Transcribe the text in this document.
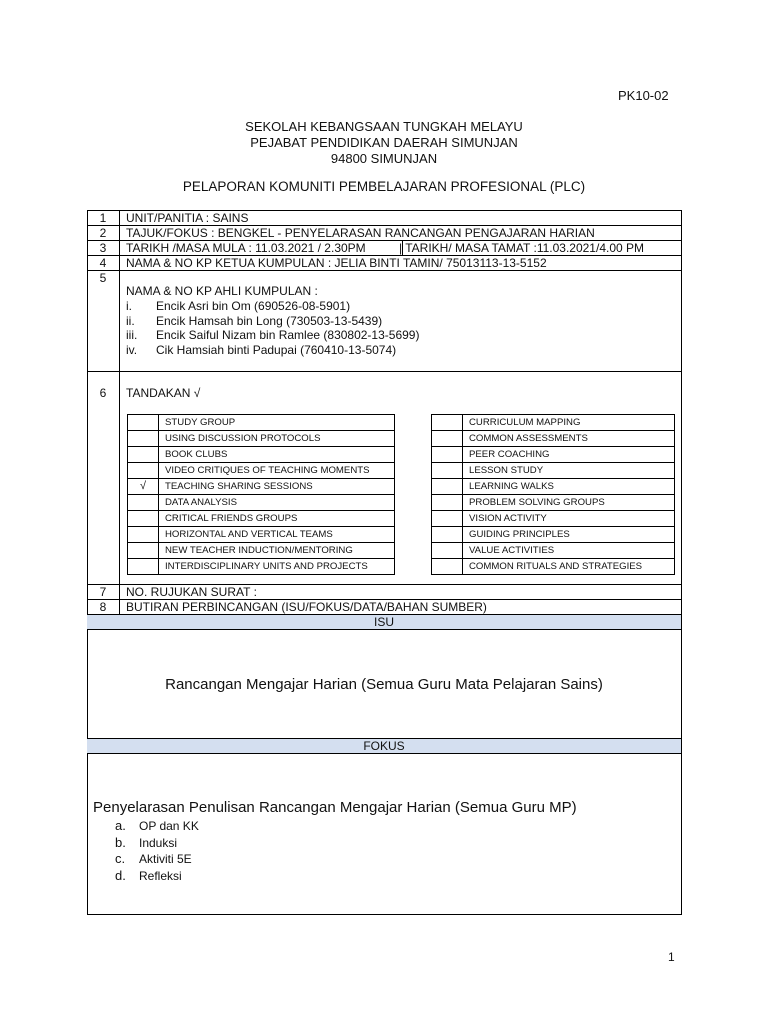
PK10-02
SEKOLAH KEBANGSAAN TUNGKAH MELAYU
PEJABAT PENDIDIKAN DAERAH SIMUNJAN
94800 SIMUNJAN
PELAPORAN KOMUNITI PEMBELAJARAN PROFESIONAL (PLC)
1	UNIT/PANITIA : SAINS
2	TAJUK/FOKUS : BENGKEL - PENYELARASAN RANCANGAN PENGAJARAN HARIAN
3	TARIKH /MASA MULA : 11.03.2021 / 2.30PM	| TARIKH/ MASA TAMAT :11.03.2021/4.00 PM
4	NAMA & NO KP KETUA KUMPULAN : JELIA BINTI TAMIN/ 75013113-13-5152
5
NAMA & NO KP AHLI KUMPULAN :
i. Encik Asri bin Om (690526-08-5901)
ii. Encik Hamsah bin Long (730503-13-5439)
iii. Encik Saiful Nizam bin Ramlee (830802-13-5699)
iv. Cik Hamsiah binti Padupai (760410-13-5074)
6	TANDAKAN √
	STUDY GROUP
	USING DISCUSSION PROTOCOLS
	BOOK CLUBS
	VIDEO CRITIQUES OF TEACHING MOMENTS
√	TEACHING SHARING SESSIONS
	DATA ANALYSIS
	CRITICAL FRIENDS GROUPS
	HORIZONTAL AND VERTICAL TEAMS
	NEW TEACHER INDUCTION/MENTORING
	INTERDISCIPLINARY UNITS AND PROJECTS
	CURRICULUM MAPPING
	COMMON ASSESSMENTS
	PEER COACHING
	LESSON STUDY
	LEARNING WALKS
	PROBLEM SOLVING GROUPS
	VISION ACTIVITY
	GUIDING PRINCIPLES
	VALUE ACTIVITIES
	COMMON RITUALS AND STRATEGIES
7	NO. RUJUKAN SURAT :
8	BUTIRAN PERBINCANGAN (ISU/FOKUS/DATA/BAHAN SUMBER)
ISU
Rancangan Mengajar Harian (Semua Guru Mata Pelajaran Sains)
FOKUS
Penyelarasan Penulisan Rancangan Mengajar Harian (Semua Guru MP)
a. OP dan KK
b. Induksi
c. Aktiviti 5E
d. Refleksi
1
